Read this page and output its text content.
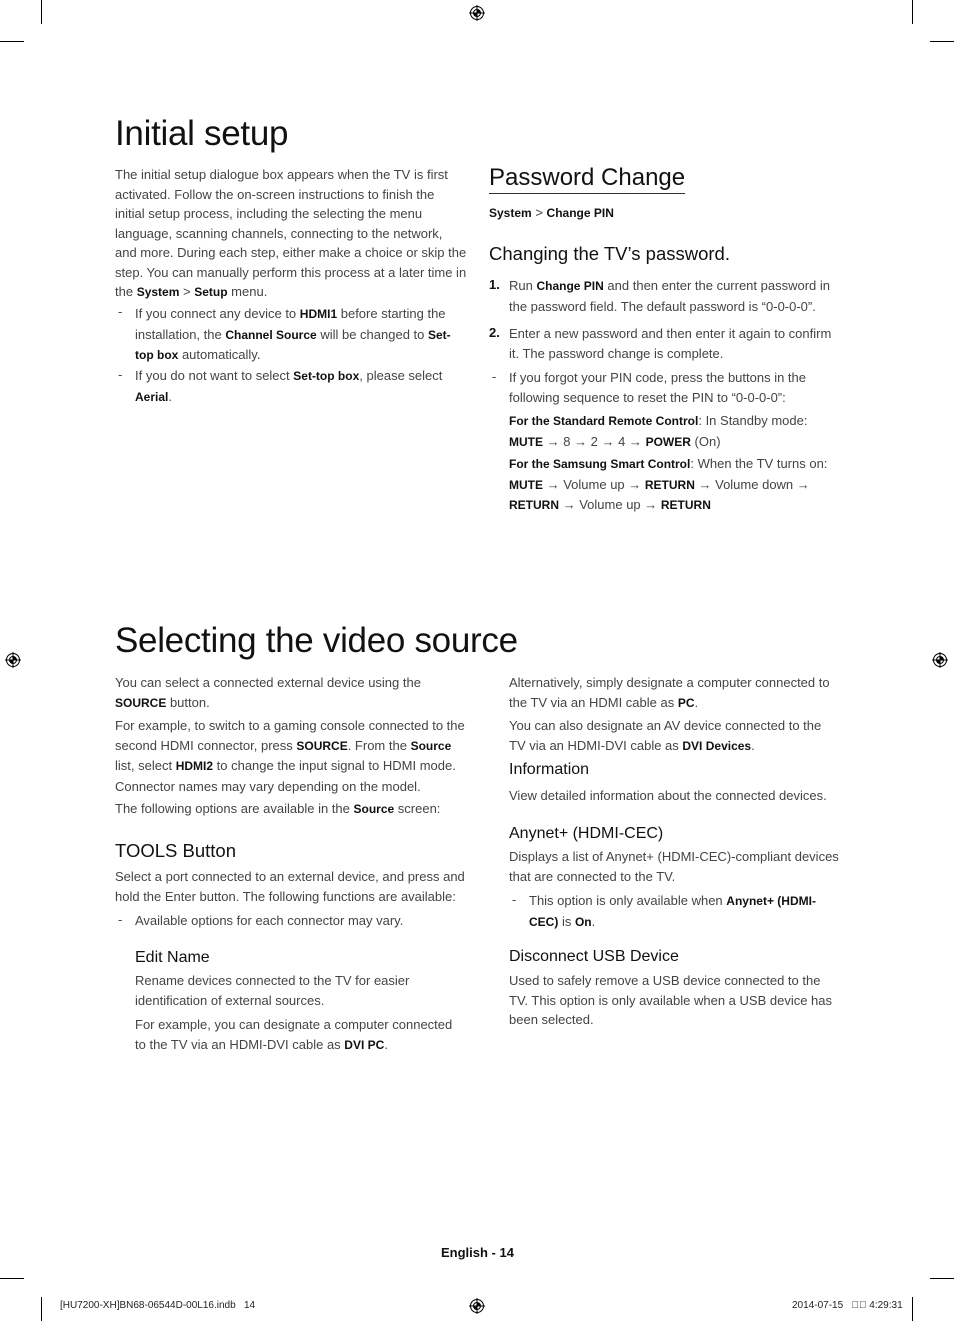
Initial setup

The initial setup dialogue box appears when the TV is first activated. Follow the on-screen instructions to finish the initial setup process, including the selecting the menu language, scanning channels, connecting to the network, and more. During each step, either make a choice or skip the step. You can manually perform this process at a later time in the System > Setup menu.

- If you connect any device to HDMI1 before starting the installation, the Channel Source will be changed to Set-top box automatically.

- If you do not want to select Set-top box, please select Aerial.

Password Change

System > Change PIN

Changing the TV’s password.
1. Run Change PIN and then enter the current password in the password field. The default password is “0-0-0-0”.

2. Enter a new password and then enter it again to confirm it. The password change is complete.

- If you forgot your PIN code, press the buttons in the following sequence to reset the PIN to “0-0-0-0”:

For the Standard Remote Control: In Standby mode: MUTE → 8 → 2 → 4 → POWER (On)

For the Samsung Smart Control: When the TV turns on: MUTE → Volume up → RETURN → Volume down → RETURN → Volume up → RETURN

Selecting the video source

You can select a connected external device using the SOURCE button.

For example, to switch to a gaming console connected to the second HDMI connector, press SOURCE. From the Source list, select HDMI2 to change the input signal to HDMI mode. Connector names may vary depending on the model.

The following options are available in the Source screen:

TOOLS Button

Select a port connected to an external device, and press and hold the Enter button. The following functions are available:

- Available options for each connector may vary.

Edit Name

Rename devices connected to the TV for easier identification of external sources.

For example, you can designate a computer connected to the TV via an HDMI-DVI cable as DVI PC.

Alternatively, simply designate a computer connected to the TV via an HDMI cable as PC.

You can also designate an AV device connected to the TV via an HDMI-DVI cable as DVI Devices.

Information

View detailed information about the connected devices.

Anynet+ (HDMI-CEC)

Displays a list of Anynet+ (HDMI-CEC)-compliant devices that are connected to the TV.

- This option is only available when Anynet+ (HDMI-CEC) is On.

Disconnect USB Device

Used to safely remove a USB device connected to the TV. This option is only available when a USB device has been selected.

English - 14
[HU7200-XH]BN68-06544D-00L16.indb   14	2014-07-15   ￿￿ 4:29:31
